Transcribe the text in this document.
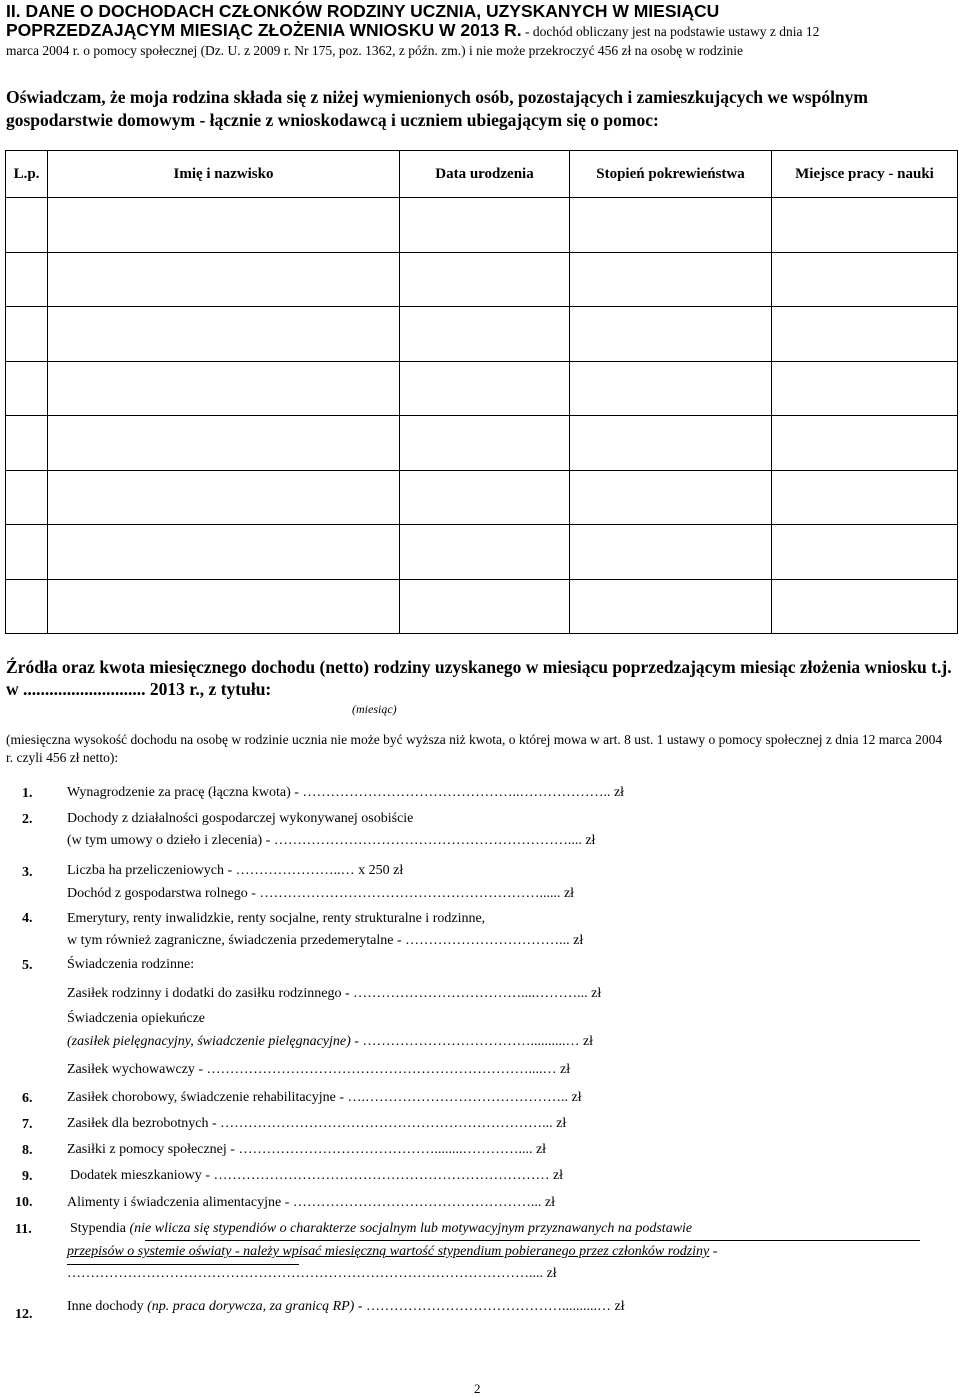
II. DANE O DOCHODACH CZŁONKÓW RODZINY UCZNIA, UZYSKANYCH W MIESIĄCU
POPRZEDZAJĄCYM MIESIĄC ZŁOŻENIA WNIOSKU W 2013 R. - dochód obliczany jest na podstawie ustawy z dnia 12
marca 2004 r. o pomocy społecznej (Dz. U. z 2009 r. Nr 175, poz. 1362, z późn. zm.) i nie może przekroczyć 456 zł na osobę w rodzinie
Oświadczam, że moja rodzina składa się z niżej wymienionych osób, pozostających i zamieszkujących we wspólnym gospodarstwie domowym - łącznie z wnioskodawcą i uczniem ubiegającym się o pomoc:
L.p.	Imię i nazwisko	Data urodzenia	Stopień pokrewieństwa	Miejsce pracy - nauki

Źródła oraz kwota miesięcznego dochodu (netto) rodziny uzyskanego w miesiącu poprzedzającym miesiąc złożenia wniosku t.j. w ............................ 2013 r., z tytułu:
(miesiąc)
(miesięczna wysokość dochodu na osobę w rodzinie ucznia nie może być wyższa niż kwota, o której mowa w art. 8 ust. 1 ustawy o pomocy społecznej z dnia 12 marca 2004 r. czyli 456 zł netto):
1. Wynagrodzenie za pracę (łączna kwota) - ………………………………………..……………….. zł
2. Dochody z działalności gospodarczej wykonywanej osobiście
(w tym umowy o dzieło i zlecenia) - ……………………………………………………….... zł
3. Liczba ha przeliczeniowych - …………………..… x 250 zł
Dochód z gospodarstwa rolnego - ……………………………………………………...... zł
4. Emerytury, renty inwalidzkie, renty socjalne, renty strukturalne i rodzinne,
w tym również zagraniczne, świadczenia przedemerytalne - ……………………………... zł
5. Świadczenia rodzinne:
Zasiłek rodzinny i dodatki do zasiłku rodzinnego - ………………………………....………... zł
Świadczenia opiekuńcze
(zasiłek pielęgnacyjny, świadczenie pielęgnacyjne) - ………………………………..........… zł
Zasiłek wychowawczy - ……………………………………………………………....… zł
6. Zasiłek chorobowy, świadczenie rehabilitacyjne - ….…………………………………….. zł
7. Zasiłek dla bezrobotnych - ……………………………………………………………... zł
8. Zasiłki z pomocy społecznej - ……………………………………........………….... zł
9.	Dodatek mieszkaniowy - ……………………………………………………………… zł
10. Alimenty i świadczenia alimentacyjne - ……………………………………………... zł
11.	Stypendia (nie wlicza się stypendiów o charakterze socjalnym lub motywacyjnym przyznawanych na podstawie
przepisów o systemie oświaty - należy wpisać miesięczną wartość stypendium pobieranego przez członków rodziny -
……………………………………………………………………………………….... zł
12.
Inne dochody (np. praca dorywcza, za granicą RP) - ……………………………………..........… zł
2
